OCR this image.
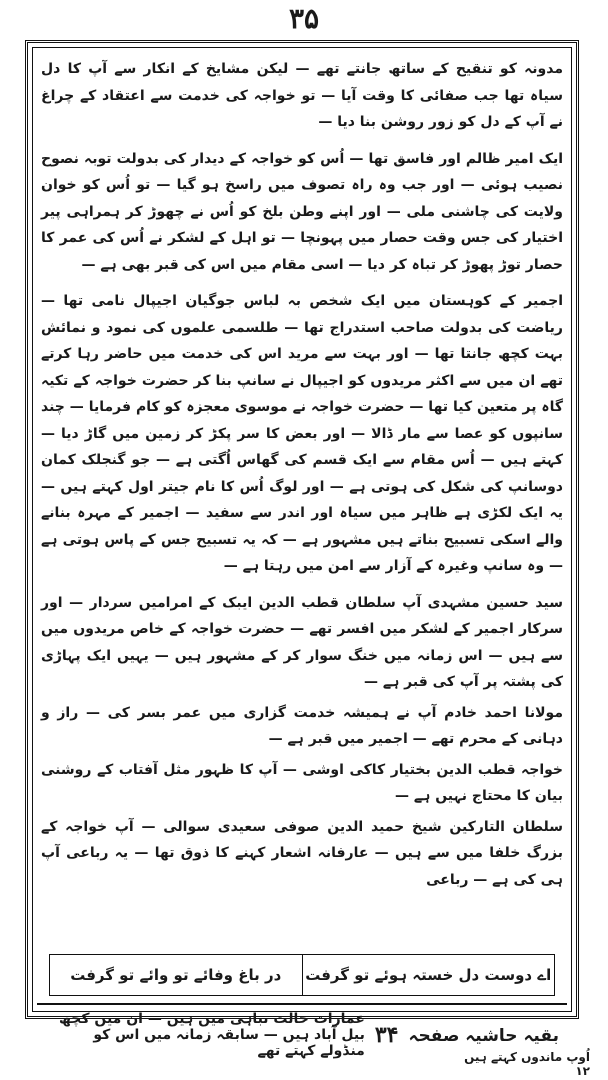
۳۵

مدونہ کو تنقیح کے ساتھ جانتے تھے — لیکن مشایخ کے انکار سے آپ کا دل سیاہ تھا جب صفائی کا وقت آیا — تو خواجہ کی خدمت سے اعتقاد کے چراغ نے آپ کے دل کو زور روشن بنا دیا —

ایک امیر ظالم اور فاسق تھا — اُس کو خواجہ کے دیدار کی بدولت توبہ نصوح نصیب ہوئی — اور جب وہ راہ تصوف میں راسخ ہو گیا — تو اُس کو خوان ولایت کی چاشنی ملی — اور اپنے وطن بلخ کو اُس نے چھوڑ کر ہمراہی پیر اختیار کی جس وقت حصار میں پہونچا — تو اہل کے لشکر نے اُس کی عمر کا حصار توڑ پھوڑ کر تباہ کر دیا — اسی مقام میں اس کی قبر بھی ہے —

اجمیر کے کوہستان میں ایک شخص بہ لباس جوگیان اجیپال نامی تھا — ریاضت کی بدولت صاحب استدراج تھا — طلسمی علموں کی نمود و نمائش بہت کچھ جانتا تھا — اور بہت سے مرید اس کی خدمت میں حاضر رہا کرتے تھے ان میں سے اکثر مریدوں کو اجیپال نے سانپ بنا کر حضرت خواجہ کے تکیہ گاہ پر متعین کیا تھا — حضرت خواجہ نے موسوی معجزہ کو کام فرمایا — چند سانپوں کو عصا سے مار ڈالا — اور بعض کا سر پکڑ کر زمین میں گاڑ دیا — کہتے ہیں — اُس مقام سے ایک قسم کی گھاس اُگتی ہے — جو گنجلک کمان دوسانپ کی شکل کی ہوتی ہے — اور لوگ اُس کا نام جیتر اول کہتے ہیں — یہ ایک لکڑی ہے ظاہر میں سیاہ اور اندر سے سفید — اجمیر کے مہرہ بنانے والے اسکی تسبیح بناتے ہیں مشہور ہے — کہ یہ تسبیح جس کے پاس ہوتی ہے — وہ سانپ وغیرہ کے آزار سے امن میں رہتا ہے —

سید حسین مشہدی آپ سلطان قطب الدین ایبک کے امرامیں سردار — اور سرکار اجمیر کے لشکر میں افسر تھے — حضرت خواجہ کے خاص مریدوں میں سے ہیں — اس زمانہ میں خنگ سوار کر کے مشہور ہیں — یہیں ایک پہاڑی کی پشتہ پر آپ کی قبر ہے —

مولانا احمد خادم آپ نے ہمیشہ خدمت گزاری میں عمر بسر کی — راز و دہانی کے محرم تھے — اجمیر میں قبر ہے —

خواجہ قطب الدین بختیار کاکی اوشی — آپ کا ظہور مثل آفتاب کے روشنی بیان کا محتاج نہیں ہے —

سلطان التارکین شیخ حمید الدین صوفی سعیدی سوالی — آپ خواجہ کے بزرگ خلفا میں سے ہیں — عارفانہ اشعار کہنے کا ذوق تھا — یہ رباعی آپ ہی کی ہے — رباعی

اے دوست دل خستہ ہوئے تو گرفت
در باغ وفائے تو وائے تو گرفت
بقیہ حاشیہ صفحہ
۳۴
عمارات حالت تباہی میں ہیں — ان میں کچھ بیل آباد ہیں — سابقہ زمانہ میں اس کو منڈولے کہتے تھے	اُوپ ماندوں کہتے ہیں ۱۲
